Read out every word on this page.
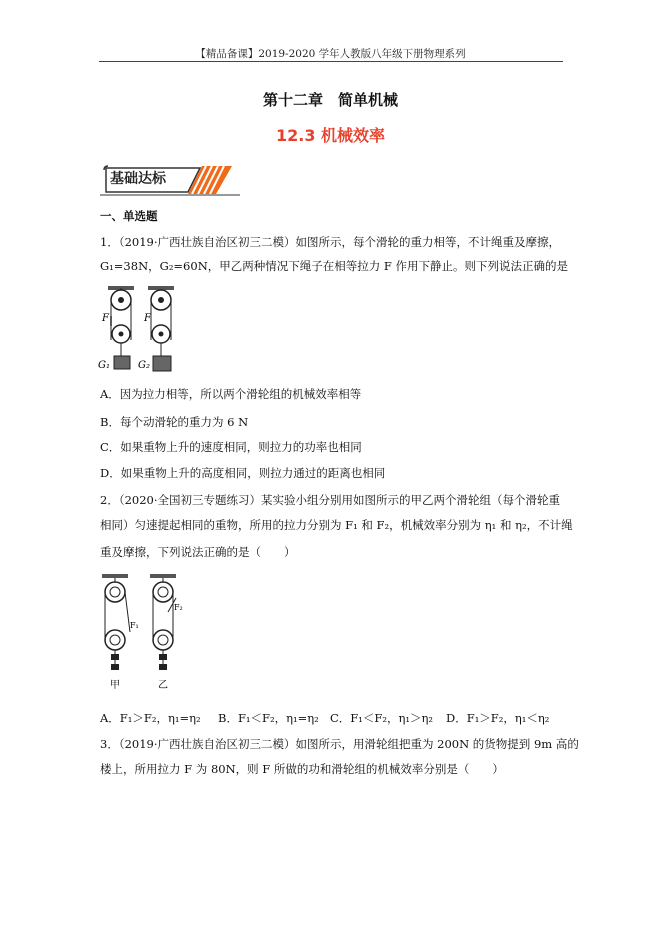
【精品备课】2019-2020 学年人教版八年级下册物理系列
第十二章　简单机械
12.3 机械效率
基础达标
一、单选题
1．（2019·广西壮族自治区初三二模）如图所示，每个滑轮的重力相等，不计绳重及摩擦，
G₁=38N，G₂=60N，甲乙两种情况下绳子在相等拉力 F 作用下静止。则下列说法正确的是
F	F
G₁	G₂
A．因为拉力相等，所以两个滑轮组的机械效率相等
B．每个动滑轮的重力为 6 N
C．如果重物上升的速度相同，则拉力的功率也相同
D．如果重物上升的高度相同，则拉力通过的距离也相同
2．（2020·全国初三专题练习）某实验小组分别用如图所示的甲乙两个滑轮组（每个滑轮重
相同）匀速提起相同的重物，所用的拉力分别为 F₁ 和 F₂，机械效率分别为 η₁ 和 η₂，不计绳
重及摩擦，下列说法正确的是（　　）
F₁
F₂
甲	乙
A．F₁＞F₂，η₁=η₂ B．F₁＜F₂，η₁=η₂ C．F₁＜F₂，η₁＞η₂ D．F₁＞F₂，η₁＜η₂
3．（2019·广西壮族自治区初三二模）如图所示，用滑轮组把重为 200N 的货物提到 9m 高的
楼上，所用拉力 F 为 80N，则 F 所做的功和滑轮组的机械效率分别是（　　）
